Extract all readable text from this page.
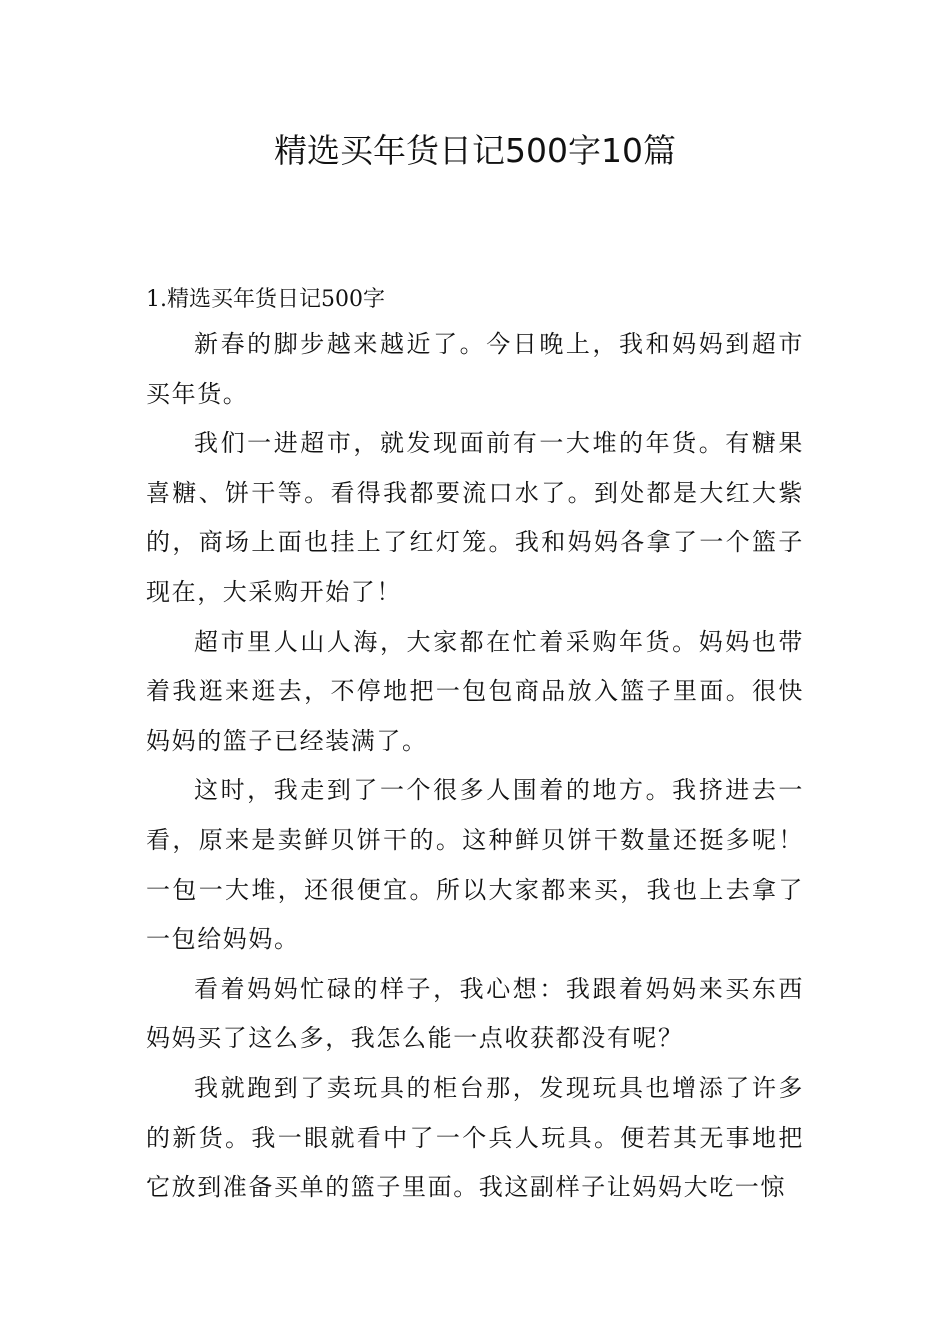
精选买年货日记500字10篇
1.精选买年货日记500字

新春的脚步越来越近了。今日晚上，我和妈妈到超市买年货。

我们一进超市，就发现面前有一大堆的年货。有糖果喜糖、饼干等。看得我都要流口水了。到处都是大红大紫的，商场上面也挂上了红灯笼。我和妈妈各拿了一个篮子现在，大采购开始了！

超市里人山人海，大家都在忙着采购年货。妈妈也带着我逛来逛去，不停地把一包包商品放入篮子里面。很快妈妈的篮子已经装满了。

这时，我走到了一个很多人围着的地方。我挤进去一看，原来是卖鲜贝饼干的。这种鲜贝饼干数量还挺多呢！一包一大堆，还很便宜。所以大家都来买，我也上去拿了一包给妈妈。

看着妈妈忙碌的样子，我心想：我跟着妈妈来买东西妈妈买了这么多，我怎么能一点收获都没有呢？

我就跑到了卖玩具的柜台那，发现玩具也增添了许多的新货。我一眼就看中了一个兵人玩具。便若其无事地把它放到准备买单的篮子里面。我这副样子让妈妈大吃一惊
